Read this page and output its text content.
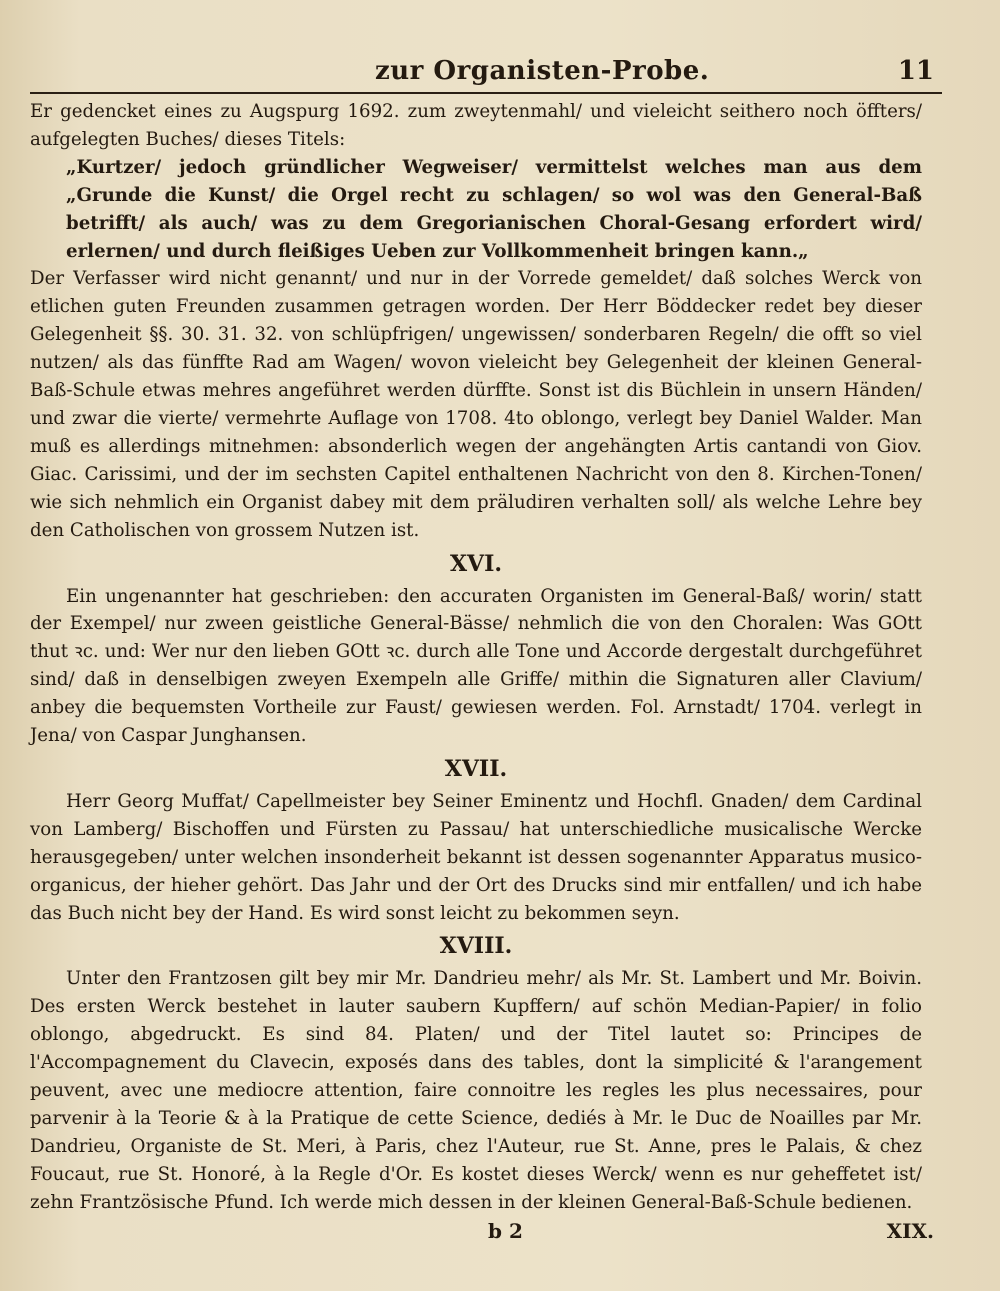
zur Organisten-Probe.	11

Er gedencket eines zu Augspurg 1692. zum zweytenmahl/ und vieleicht seithero noch öffters/ aufgelegten Buches/ dieses Titels:
„Kurtzer/ jedoch gründlicher Wegweiser/ vermittelst welches man aus dem „Grunde die Kunst/ die Orgel recht zu schlagen/ so wol was den General-Baß betrifft/ als auch/ was zu dem Gregorianischen Choral-Gesang erfordert wird/ erlernen/ und durch fleißiges Ueben zur Vollkommenheit bringen kann.„
Der Verfasser wird nicht genannt/ und nur in der Vorrede gemeldet/ daß solches Werck von etlichen guten Freunden zusammen getragen worden. Der Herr Böddecker redet bey dieser Gelegenheit §§. 30. 31. 32. von schlüpfrigen/ ungewissen/ sonderbaren Regeln/ die offt so viel nutzen/ als das fünffte Rad am Wagen/ wovon vieleicht bey Gelegenheit der kleinen General-Baß-Schule etwas mehres angeführet werden dürffte. Sonst ist dis Büchlein in unsern Händen/ und zwar die vierte/ vermehrte Auflage von 1708. 4to oblongo, verlegt bey Daniel Walder. Man muß es allerdings mitnehmen: absonderlich wegen der angehängten Artis cantandi von Giov. Giac. Carissimi, und der im sechsten Capitel enthaltenen Nachricht von den 8. Kirchen-Tonen/ wie sich nehmlich ein Organist dabey mit dem präludiren verhalten soll/ als welche Lehre bey den Catholischen von grossem Nutzen ist.

XVI.

Ein ungenannter hat geschrieben: den accuraten Organisten im General-Baß/ worin/ statt der Exempel/ nur zween geistliche General-Bässe/ nehmlich die von den Choralen: Was GOtt thut ꝛc. und: Wer nur den lieben GOtt ꝛc. durch alle Tone und Accorde dergestalt durchgeführet sind/ daß in denselbigen zweyen Exempeln alle Griffe/ mithin die Signaturen aller Clavium/ anbey die bequemsten Vortheile zur Faust/ gewiesen werden. Fol. Arnstadt/ 1704. verlegt in Jena/ von Caspar Junghansen.

XVII.

Herr Georg Muffat/ Capellmeister bey Seiner Eminentz und Hochfl. Gnaden/ dem Cardinal von Lamberg/ Bischoffen und Fürsten zu Passau/ hat unterschiedliche musicalische Wercke herausgegeben/ unter welchen insonderheit bekannt ist dessen sogenannter Apparatus musico-organicus, der hieher gehört. Das Jahr und der Ort des Drucks sind mir entfallen/ und ich habe das Buch nicht bey der Hand. Es wird sonst leicht zu bekommen seyn.

XVIII.

Unter den Frantzosen gilt bey mir Mr. Dandrieu mehr/ als Mr. St. Lambert und Mr. Boivin. Des ersten Werck bestehet in lauter saubern Kupffern/ auf schön Median-Papier/ in folio oblongo, abgedruckt. Es sind 84. Platen/ und der Titel lautet so: Principes de l'Accompagnement du Clavecin, exposés dans des tables, dont la simplicité & l'arangement peuvent, avec une mediocre attention, faire connoitre les regles les plus necessaires, pour parvenir à la Teorie & à la Pratique de cette Science, dediés à Mr. le Duc de Noailles par Mr. Dandrieu, Organiste de St. Meri, à Paris, chez l'Auteur, rue St. Anne, pres le Palais, & chez Foucaut, rue St. Honoré, à la Regle d'Or. Es kostet dieses Werck/ wenn es nur geheffetet ist/ zehn Frantzösische Pfund. Ich werde mich dessen in der kleinen General-Baß-Schule bedienen.

b 2	XIX.
